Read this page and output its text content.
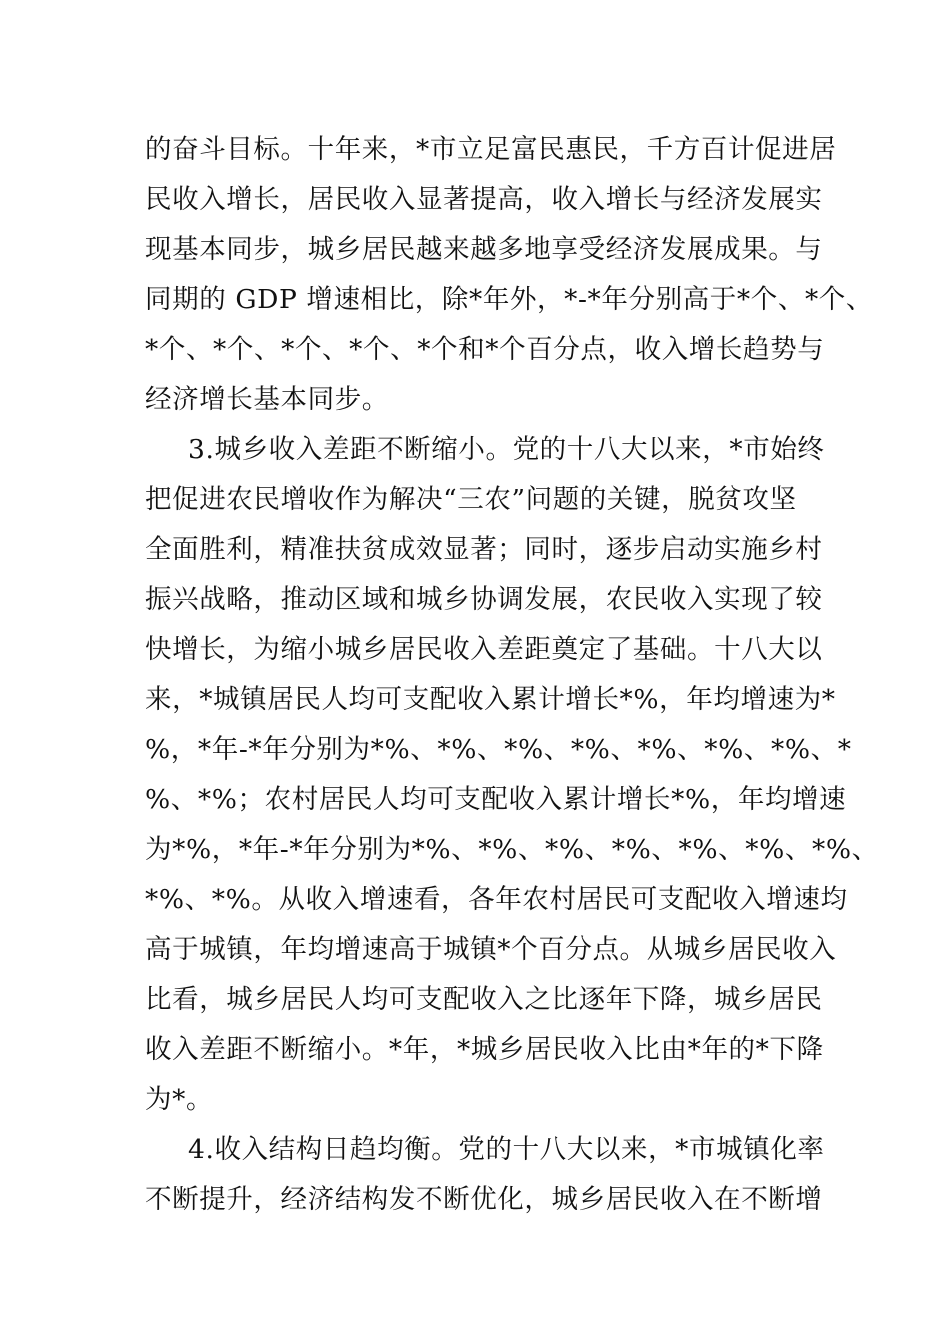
的奋斗目标。十年来，*市立足富民惠民，千方百计促进居
民收入增长，居民收入显著提高，收入增长与经济发展实
现基本同步，城乡居民越来越多地享受经济发展成果。与
同期的 GDP 增速相比，除*年外，*-*年分别高于*个、*个、
*个、*个、*个、*个、*个和*个百分点，收入增长趋势与
经济增长基本同步。
3.城乡收入差距不断缩小。党的十八大以来，*市始终
把促进农民增收作为解决“三农”问题的关键，脱贫攻坚
全面胜利，精准扶贫成效显著；同时，逐步启动实施乡村
振兴战略，推动区域和城乡协调发展，农民收入实现了较
快增长，为缩小城乡居民收入差距奠定了基础。十八大以
来，*城镇居民人均可支配收入累计增长*%，年均增速为*
%，*年-*年分别为*%、*%、*%、*%、*%、*%、*%、*
%、*%；农村居民人均可支配收入累计增长*%，年均增速
为*%，*年-*年分别为*%、*%、*%、*%、*%、*%、*%、
*%、*%。从收入增速看，各年农村居民可支配收入增速均
高于城镇，年均增速高于城镇*个百分点。从城乡居民收入
比看，城乡居民人均可支配收入之比逐年下降，城乡居民
收入差距不断缩小。*年，*城乡居民收入比由*年的*下降
为*。
4.收入结构日趋均衡。党的十八大以来，*市城镇化率
不断提升，经济结构发不断优化，城乡居民收入在不断增
